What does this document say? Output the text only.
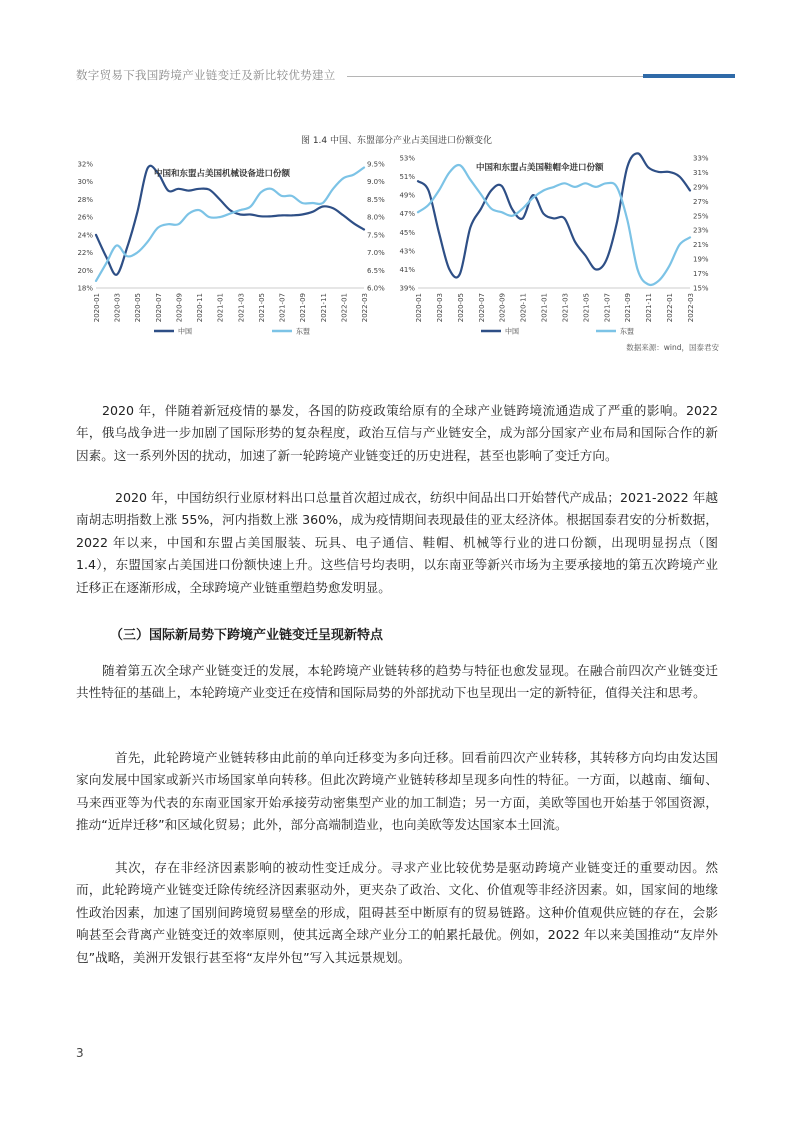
数字贸易下我国跨境产业链变迁及新比较优势建立
图 1.4 中国、东盟部分产业占美国进口份额变化
18%
20%
22%
24%
26%
28%
30%
32%
6.0%
6.5%
7.0%
7.5%
8.0%
8.5%
9.0%
9.5%
2020-01 2020-03 2020-05 2020-07 2020-09 2020-11 2021-01 2021-03 2021-05 2021-07 2021-09 2021-11 2022-01 2022-03
中国和东盟占美国机械设备进口份额
中国	东盟
39%
41%
43%
45%
47%
49%
51%
53%
15%
17%
19%
21%
23%
25%
27%
29%
31%
33%
2020-01 2020-03 2020-05 2020-07 2020-09 2020-11 2021-01 2021-03 2021-05 2021-07 2021-09 2021-11 2022-01 2022-03
中国和东盟占美国鞋帽伞进口份额
中国	东盟
数据来源：wind，国泰君安
2020 年，伴随着新冠疫情的暴发，各国的防疫政策给原有的全球产业链跨境流通造成了严重的影响。2022 年，俄乌战争进一步加剧了国际形势的复杂程度，政治互信与产业链安全，成为部分国家产业布局和国际合作的新因素。这一系列外因的扰动，加速了新一轮跨境产业链变迁的历史进程，甚至也影响了变迁方向。
2020 年，中国纺织行业原材料出口总量首次超过成衣，纺织中间品出口开始替代产成品；2021-2022 年越南胡志明指数上涨 55%，河内指数上涨 360%，成为疫情期间表现最佳的亚太经济体。根据国泰君安的分析数据，2022 年以来，中国和东盟占美国服装、玩具、电子通信、鞋帽、机械等行业的进口份额，出现明显拐点（图 1.4），东盟国家占美国进口份额快速上升。这些信号均表明，以东南亚等新兴市场为主要承接地的第五次跨境产业迁移正在逐渐形成，全球跨境产业链重塑趋势愈发明显。
（三）国际新局势下跨境产业链变迁呈现新特点
随着第五次全球产业链变迁的发展，本轮跨境产业链转移的趋势与特征也愈发显现。在融合前四次产业链变迁共性特征的基础上，本轮跨境产业变迁在疫情和国际局势的外部扰动下也呈现出一定的新特征，值得关注和思考。
首先，此轮跨境产业链转移由此前的单向迁移变为多向迁移。回看前四次产业转移，其转移方向均由发达国家向发展中国家或新兴市场国家单向转移。但此次跨境产业链转移却呈现多向性的特征。一方面，以越南、缅甸、马来西亚等为代表的东南亚国家开始承接劳动密集型产业的加工制造；另一方面，美欧等国也开始基于邻国资源，推动“近岸迁移”和区域化贸易；此外，部分高端制造业，也向美欧等发达国家本土回流。
其次，存在非经济因素影响的被动性变迁成分。寻求产业比较优势是驱动跨境产业链变迁的重要动因。然而，此轮跨境产业链变迁除传统经济因素驱动外，更夹杂了政治、文化、价值观等非经济因素。如，国家间的地缘性政治因素，加速了国别间跨境贸易壁垒的形成，阻碍甚至中断原有的贸易链路。这种价值观供应链的存在，会影响甚至会背离产业链变迁的效率原则，使其远离全球产业分工的帕累托最优。例如，2022 年以来美国推动“友岸外包”战略，美洲开发银行甚至将“友岸外包”写入其远景规划。
3
